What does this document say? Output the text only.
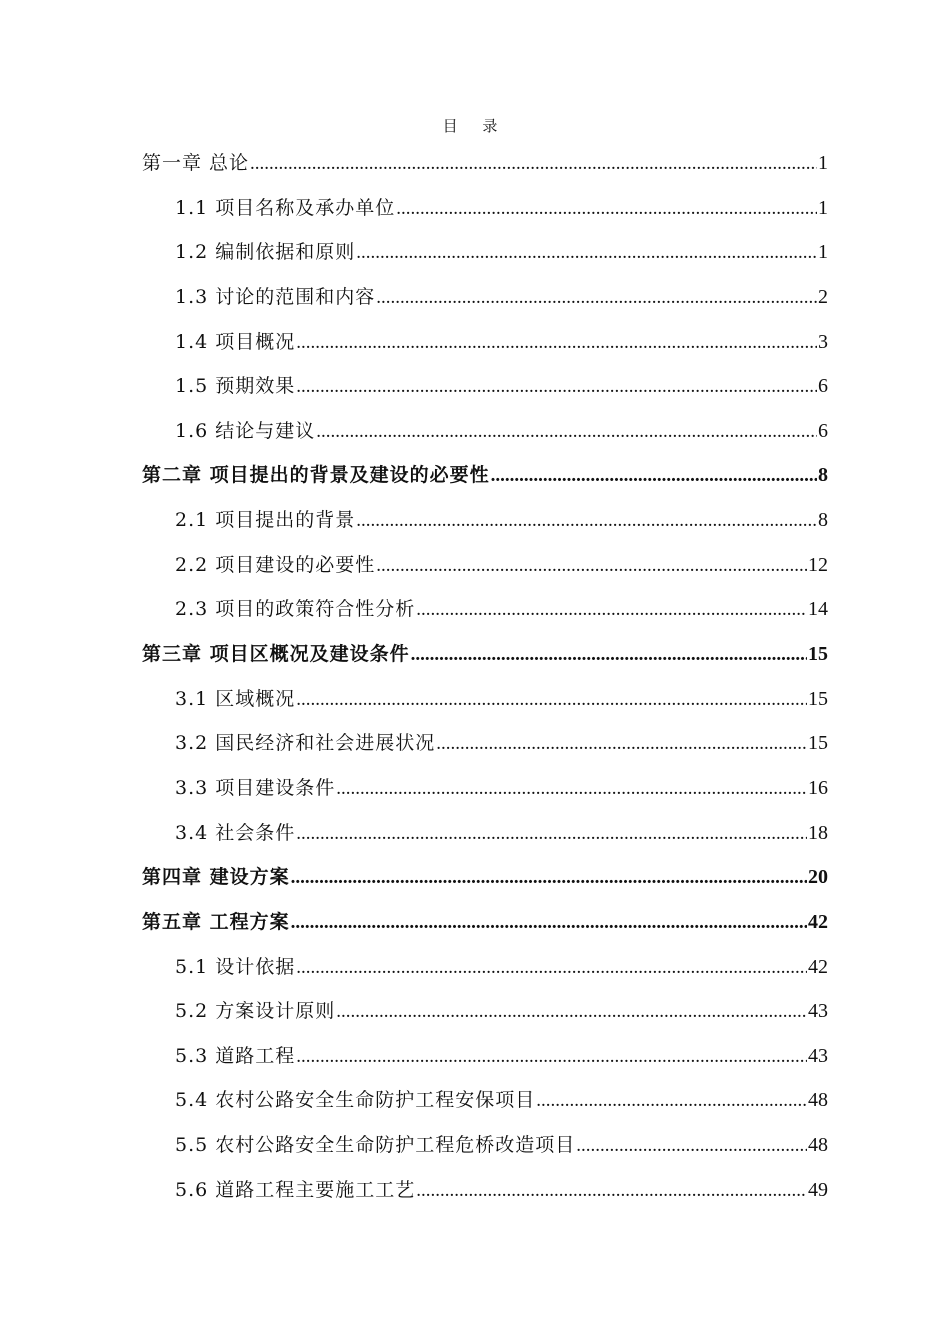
目 录
第一章 总论 .....	1
1.1 项目名称及承办单位 .....	1
1.2 编制依据和原则 .....	1
1.3 讨论的范围和内容 .....	2
1.4 项目概况 .....	3
1.5 预期效果 .....	6
1.6 结论与建议 .....	6
第二章 项目提出的背景及建设的必要性 .....	8
2.1 项目提出的背景 .....	8
2.2 项目建设的必要性 .....	12
2.3 项目的政策符合性分析 .....	14
第三章 项目区概况及建设条件 .....	15
3.1 区域概况 .....	15
3.2 国民经济和社会进展状况 .....	15
3.3 项目建设条件 .....	16
3.4 社会条件 .....	18
第四章 建设方案 .....	20
第五章 工程方案 .....	42
5.1 设计依据 .....	42
5.2 方案设计原则 .....	43
5.3 道路工程 .....	43
5.4 农村公路安全生命防护工程安保项目 .....	48
5.5 农村公路安全生命防护工程危桥改造项目 .....	48
5.6 道路工程主要施工工艺 .....	49
